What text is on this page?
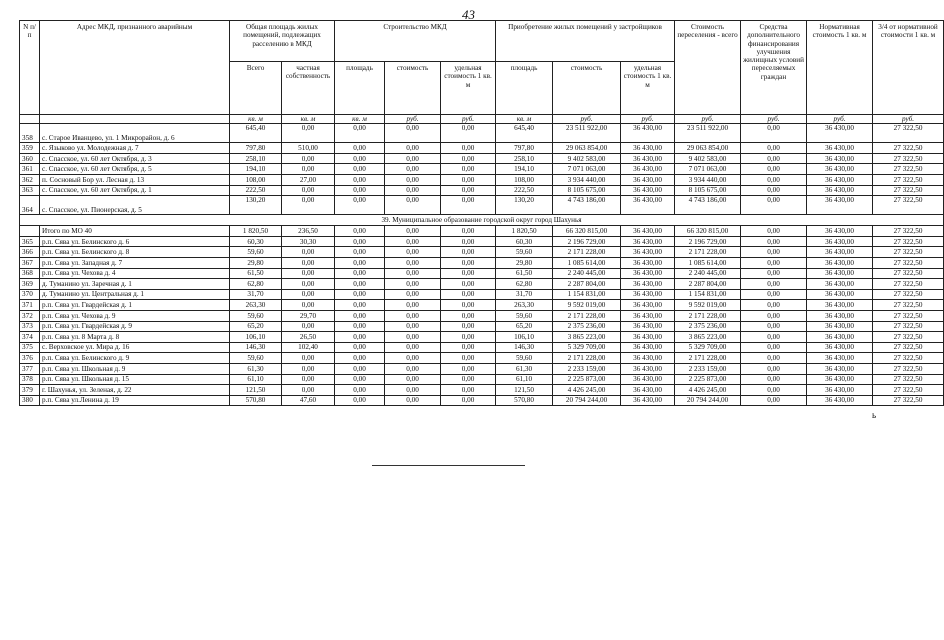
43
N п/п	Адрес МКД, признанного аварийным	Общая площадь жилых помещений, подлежащих расселению в МКД		Строительство МКД			Приобретение жилых помещений у застройщиков			Стоимость переселения - всего	Средства дополнительного финансирования улучшения жилищных условий переселяемых граждан	Нормативная стоимость 1 кв. м	3/4 от нормативной стоимости 1 кв. м
		Всего	частная собственность	площадь	стоимость	удельная стоимость 1 кв. м	площадь	стоимость	удельная стоимость 1 кв. м				
		кв. м	кв. м	кв. м	руб.	руб.	кв. м	руб.	руб.	руб.	руб.	руб.	руб.
358	с. Старое Иванцево, ул. 1 Микрорайон, д. 6	645,40	0,00	0,00	0,00	0,00	645,40	23 511 922,00	36 430,00	23 511 922,00	0,00	36 430,00	27 322,50
359	с. Языково ул. Молодежная д. 7	797,80	510,00	0,00	0,00	0,00	797,80	29 063 854,00	36 430,00	29 063 854,00	0,00	36 430,00	27 322,50
360	с. Спасское, ул. 60 лет Октября, д. 3	258,10	0,00	0,00	0,00	0,00	258,10	9 402 583,00	36 430,00	9 402 583,00	0,00	36 430,00	27 322,50
361	с. Спасское, ул. 60 лет Октября, д. 5	194,10	0,00	0,00	0,00	0,00	194,10	7 071 063,00	36 430,00	7 071 063,00	0,00	36 430,00	27 322,50
362	п. Сосновый Бор ул. Лесная д. 13	108,00	27,00	0,00	0,00	0,00	108,00	3 934 440,00	36 430,00	3 934 440,00	0,00	36 430,00	27 322,50
363	с. Спасское, ул. 60 лет Октября, д. 1	222,50	0,00	0,00	0,00	0,00	222,50	8 105 675,00	36 430,00	8 105 675,00	0,00	36 430,00	27 322,50
364	с. Спасское, ул. Пионерская, д. 5	130,20	0,00	0,00	0,00	0,00	130,20	4 743 186,00	36 430,00	4 743 186,00	0,00	36 430,00	27 322,50
39. Муниципальное образование городской округ город Шахунья													
	Итого по МО 40	1 820,50	236,50	0,00	0,00	0,00	1 820,50	66 320 815,00	36 430,00	66 320 815,00	0,00	36 430,00	27 322,50
365	р.п. Сява ул. Белинского д. 6	60,30	30,30	0,00	0,00	0,00	60,30	2 196 729,00	36 430,00	2 196 729,00	0,00	36 430,00	27 322,50
366	р.п. Сява ул. Белинского д. 8	59,60	0,00	0,00	0,00	0,00	59,60	2 171 228,00	36 430,00	2 171 228,00	0,00	36 430,00	27 322,50
367	р.п. Сява ул. Западная д. 7	29,80	0,00	0,00	0,00	0,00	29,80	1 085 614,00	36 430,00	1 085 614,00	0,00	36 430,00	27 322,50
368	р.п. Сява ул. Чехова д. 4	61,50	0,00	0,00	0,00	0,00	61,50	2 240 445,00	36 430,00	2 240 445,00	0,00	36 430,00	27 322,50
369	д. Туманино ул. Заречная д. 1	62,80	0,00	0,00	0,00	0,00	62,80	2 287 804,00	36 430,00	2 287 804,00	0,00	36 430,00	27 322,50
370	д. Туманино ул. Центральная д. 1	31,70	0,00	0,00	0,00	0,00	31,70	1 154 831,00	36 430,00	1 154 831,00	0,00	36 430,00	27 322,50
371	р.п. Сява ул. Гвардейская д. 1	263,30	0,00	0,00	0,00	0,00	263,30	9 592 019,00	36 430,00	9 592 019,00	0,00	36 430,00	27 322,50
372	р.п. Сява ул. Чехова д. 9	59,60	29,70	0,00	0,00	0,00	59,60	2 171 228,00	36 430,00	2 171 228,00	0,00	36 430,00	27 322,50
373	р.п. Сява ул. Гвардейская д. 9	65,20	0,00	0,00	0,00	0,00	65,20	2 375 236,00	36 430,00	2 375 236,00	0,00	36 430,00	27 322,50
374	р.п. Сява ул. 8 Марта д. 8	106,10	26,50	0,00	0,00	0,00	106,10	3 865 223,00	36 430,00	3 865 223,00	0,00	36 430,00	27 322,50
375	с. Верховское ул. Мира д. 16	146,30	102,40	0,00	0,00	0,00	146,30	5 329 709,00	36 430,00	5 329 709,00	0,00	36 430,00	27 322,50
376	р.п. Сява ул. Белинского д. 9	59,60	0,00	0,00	0,00	0,00	59,60	2 171 228,00	36 430,00	2 171 228,00	0,00	36 430,00	27 322,50
377	р.п. Сява ул. Школьная д. 9	61,30	0,00	0,00	0,00	0,00	61,30	2 233 159,00	36 430,00	2 233 159,00	0,00	36 430,00	27 322,50
378	р.п. Сява ул. Школьная д. 15	61,10	0,00	0,00	0,00	0,00	61,10	2 225 873,00	36 430,00	2 225 873,00	0,00	36 430,00	27 322,50
379	г. Шахунья, ул. Зеленая, д. 22	121,50	0,00	0,00	0,00	0,00	121,50	4 426 245,00	36 430,00	4 426 245,00	0,00	36 430,00	27 322,50
380	р.п. Сява ул.Ленина д. 19	570,80	47,60	0,00	0,00	0,00	570,80	20 794 244,00	36 430,00	20 794 244,00	0,00	36 430,00	27 322,50
ь
